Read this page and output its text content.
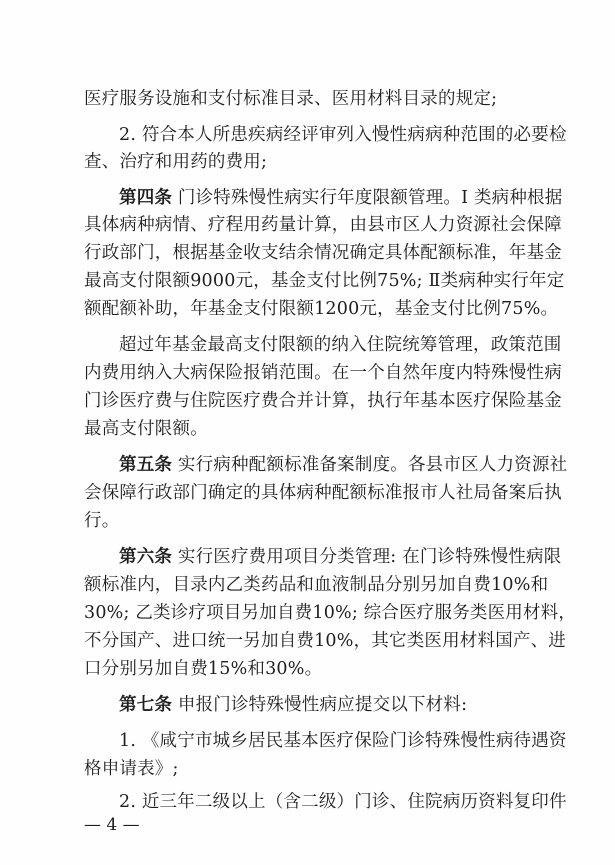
医疗服务设施和支付标准目录、医用材料目录的规定;
2. 符合本人所患疾病经评审列入慢性病病种范围的必要检
查、治疗和用药的费用;
第四条 门诊特殊慢性病实行年度限额管理。I 类病种根据
具体病种病情、疗程用药量计算，由县市区人力资源社会保障
行政部门，根据基金收支结余情况确定具体配额标准，年基金
最高支付限额9000元，基金支付比例75%; Ⅱ类病种实行年定
额配额补助，年基金支付限额1200元，基金支付比例75%。
超过年基金最高支付限额的纳入住院统筹管理，政策范围
内费用纳入大病保险报销范围。在一个自然年度内特殊慢性病
门诊医疗费与住院医疗费合并计算，执行年基本医疗保险基金
最高支付限额。
第五条 实行病种配额标准备案制度。各县市区人力资源社
会保障行政部门确定的具体病种配额标准报市人社局备案后执
行。
第六条 实行医疗费用项目分类管理: 在门诊特殊慢性病限
额标准内，目录内乙类药品和血液制品分别另加自费10%和
30%; 乙类诊疗项目另加自费10%; 综合医疗服务类医用材料，
不分国产、进口统一另加自费10%，其它类医用材料国产、进
口分别另加自费15%和30%。
第七条 申报门诊特殊慢性病应提交以下材料:
1. 《咸宁市城乡居民基本医疗保险门诊特殊慢性病待遇资
格申请表》;
2. 近三年二级以上（含二级）门诊、住院病历资料复印件
— 4 —
